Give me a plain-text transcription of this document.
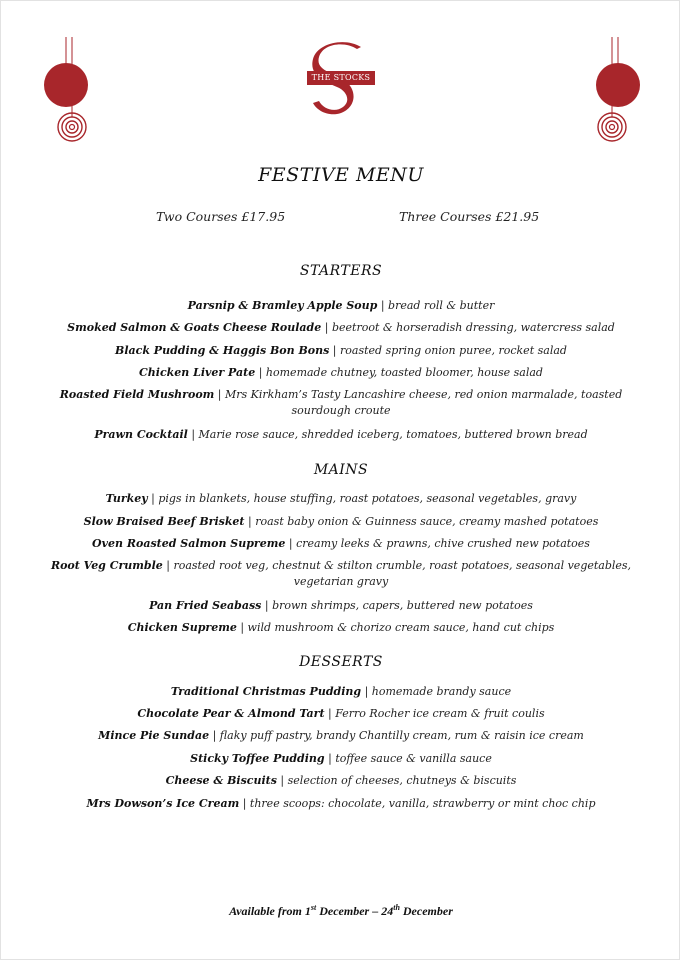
THE STOCKS
FESTIVE MENU
Two Courses £17.95	Three Courses £21.95
STARTERS
Parsnip & Bramley Apple Soup | bread roll & butter
Smoked Salmon & Goats Cheese Roulade | beetroot & horseradish dressing, watercress salad
Black Pudding & Haggis Bon Bons | roasted spring onion puree, rocket salad
Chicken Liver Pate | homemade chutney, toasted bloomer, house salad
Roasted Field Mushroom | Mrs Kirkham’s Tasty Lancashire cheese, red onion marmalade, toasted sourdough croute
Prawn Cocktail | Marie rose sauce, shredded iceberg, tomatoes, buttered brown bread
MAINS
Turkey | pigs in blankets, house stuffing, roast potatoes, seasonal vegetables, gravy
Slow Braised Beef Brisket | roast baby onion & Guinness sauce, creamy mashed potatoes
Oven Roasted Salmon Supreme | creamy leeks & prawns, chive crushed new potatoes
Root Veg Crumble | roasted root veg, chestnut & stilton crumble, roast potatoes, seasonal vegetables, vegetarian gravy
Pan Fried Seabass | brown shrimps, capers, buttered new potatoes
Chicken Supreme | wild mushroom & chorizo cream sauce, hand cut chips
DESSERTS
Traditional Christmas Pudding | homemade brandy sauce
Chocolate Pear & Almond Tart | Ferro Rocher ice cream & fruit coulis
Mince Pie Sundae | flaky puff pastry, brandy Chantilly cream, rum & raisin ice cream
Sticky Toffee Pudding | toffee sauce & vanilla sauce
Cheese & Biscuits | selection of cheeses, chutneys & biscuits
Mrs Dowson’s Ice Cream | three scoops: chocolate, vanilla, strawberry or mint choc chip
Available from 1st December – 24th December
